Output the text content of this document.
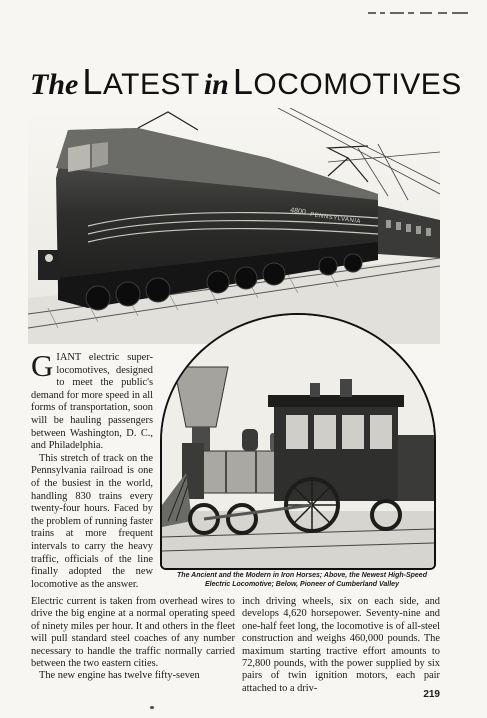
The LATEST in LOCOMOTIVES
4800
PENNSYLVANIA

GIANT electric super-locomotives, designed to meet the public's demand for more speed in all forms of transportation, soon will be hauling passengers between Washington, D. C., and Philadelphia.

This stretch of track on the Pennsylvania railroad is one of the busiest in the world, handling 830 trains every twenty-four hours. Faced by the problem of running faster trains at more frequent intervals to carry the heavy traffic, officials of the line finally adopted the new locomotive as the answer.

The Ancient and the Modern in Iron Horses; Above, the Newest High-Speed Electric Locomotive; Below, Pioneer of Cumberland Valley

Electric current is taken from overhead wires to drive the big engine at a normal operating speed of ninety miles per hour. It and others in the fleet will pull standard steel coaches of any number necessary to handle the traffic normally carried between the two eastern cities.

The new engine has twelve fifty-seven

inch driving wheels, six on each side, and develops 4,620 horsepower. Seventy-nine and one-half feet long, the locomotive is of all-steel construction and weighs 460,000 pounds. The maximum starting tractive effort amounts to 72,800 pounds, with the power supplied by six pairs of twin ignition motors, each pair attached to a driv-

219
